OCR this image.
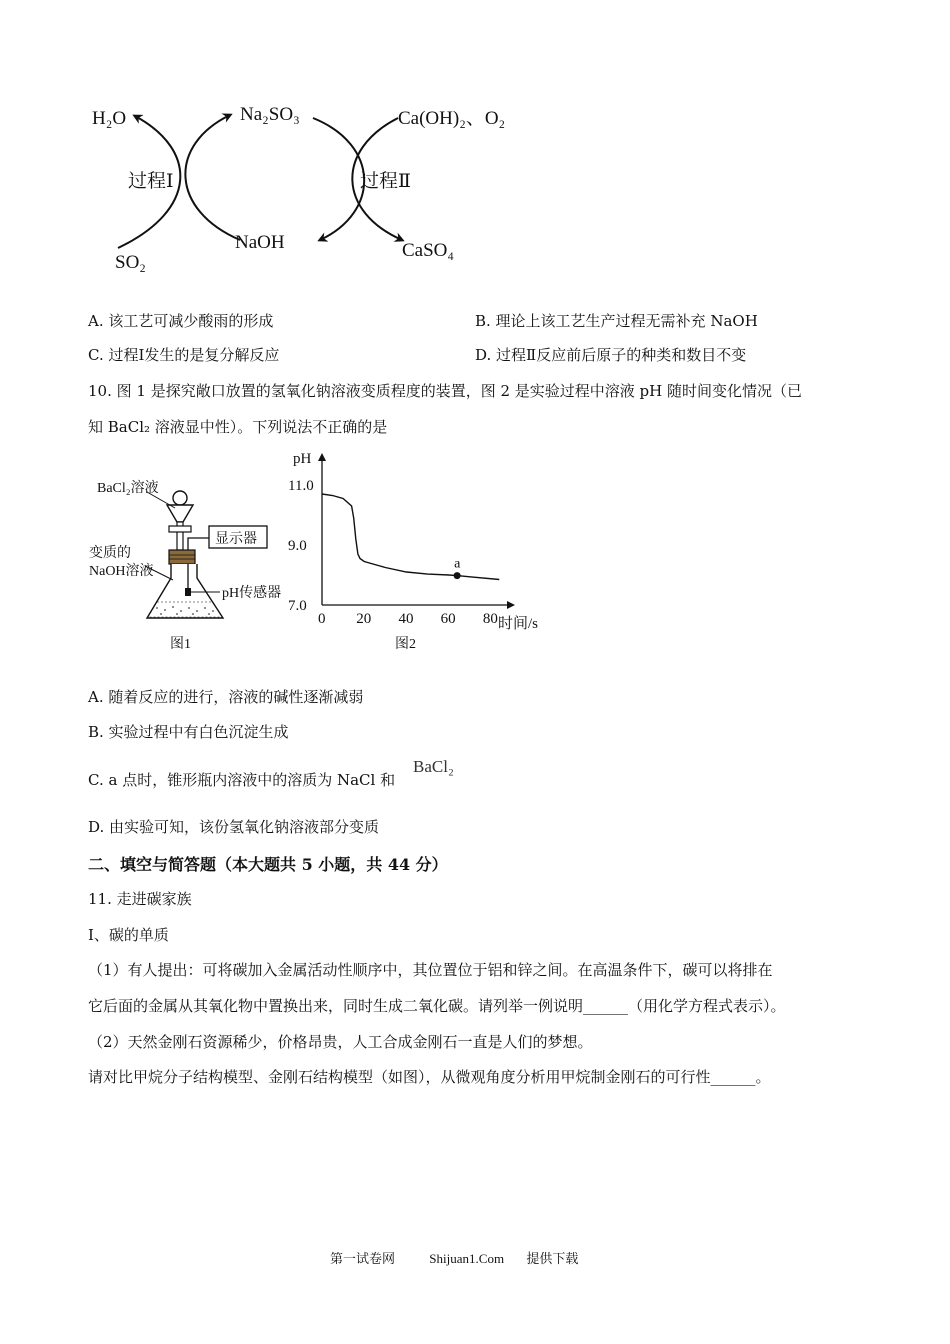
H₂O	Na₂SO₃	Ca(OH)₂、O₂
过程Ⅰ	过程Ⅱ
SO₂
NaOH	CaSO₄
A. 该工艺可减少酸雨的形成	B. 理论上该工艺生产过程无需补充 NaOH
C. 过程Ⅰ发生的是复分解反应	D. 过程Ⅱ反应前后原子的种类和数目不变
10. 图 1 是探究敞口放置的氢氧化钠溶液变质程度的装置，图 2 是实验过程中溶液 pH 随时间变化情况（已
知 BaCl₂ 溶液显中性）。下列说法不正确的是
显示器
BaCl₂溶液
变质的
NaOH溶液
pH传感器
图1
pH
时间/s
7.0
9.0
11.0
0 20 40 60 80
a
图2
A. 随着反应的进行，溶液的碱性逐渐减弱
B. 实验过程中有白色沉淀生成
C. a 点时，锥形瓶内溶液中的溶质为 NaCl 和
BaCl₂
D. 由实验可知，该份氢氧化钠溶液部分变质
二、填空与简答题（本大题共 5 小题，共 44 分）
11. 走进碳家族
Ⅰ、碳的单质
（1）有人提出：可将碳加入金属活动性顺序中，其位置位于铝和锌之间。在高温条件下，碳可以将排在
它后面的金属从其氧化物中置换出来，同时生成二氧化碳。请列举一例说明______（用化学方程式表示）。
（2）天然金刚石资源稀少，价格昂贵，人工合成金刚石一直是人们的梦想。
请对比甲烷分子结构模型、金刚石结构模型（如图），从微观角度分析用甲烷制金刚石的可行性______。
第一试卷网	Shijuan1.Com 提供下载
